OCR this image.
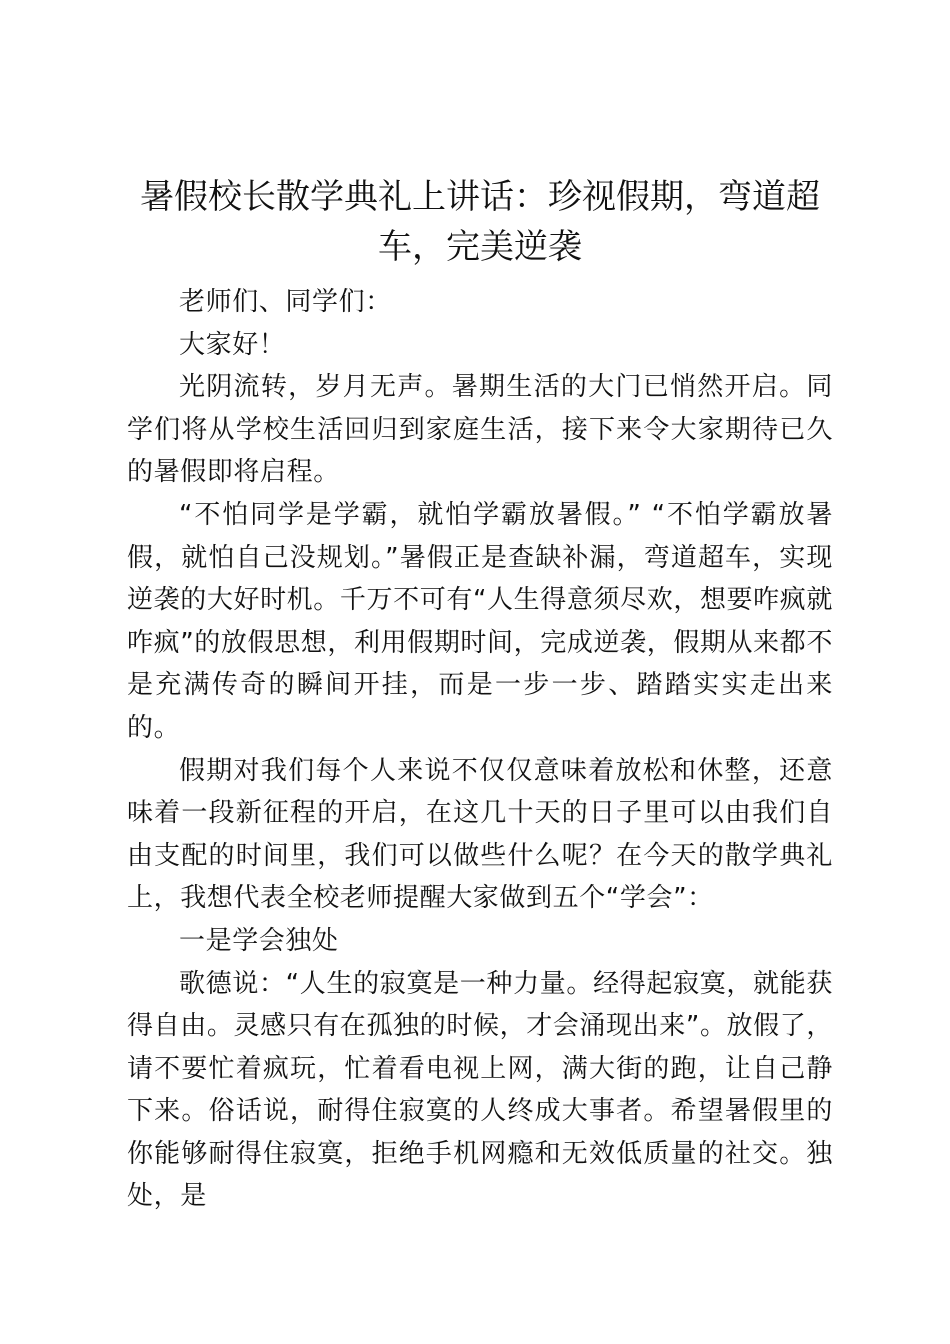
暑假校长散学典礼上讲话：珍视假期，弯道超车，完美逆袭

老师们、同学们：

大家好！

光阴流转，岁月无声。暑期生活的大门已悄然开启。同学们将从学校生活回归到家庭生活，接下来令大家期待已久的暑假即将启程。

“不怕同学是学霸，就怕学霸放暑假。” “不怕学霸放暑假，就怕自己没规划。”暑假正是查缺补漏，弯道超车，实现逆袭的大好时机。千万不可有“人生得意须尽欢，想要咋疯就咋疯”的放假思想，利用假期时间，完成逆袭，假期从来都不是充满传奇的瞬间开挂，而是一步一步、踏踏实实走出来的。

假期对我们每个人来说不仅仅意味着放松和休整，还意味着一段新征程的开启，在这几十天的日子里可以由我们自由支配的时间里，我们可以做些什么呢？在今天的散学典礼上，我想代表全校老师提醒大家做到五个“学会”：

一是学会独处

歌德说：“人生的寂寞是一种力量。经得起寂寞，就能获得自由。灵感只有在孤独的时候，才会涌现出来”。放假了，请不要忙着疯玩，忙着看电视上网，满大街的跑，让自己静下来。俗话说，耐得住寂寞的人终成大事者。希望暑假里的你能够耐得住寂寞，拒绝手机网瘾和无效低质量的社交。独处，是
